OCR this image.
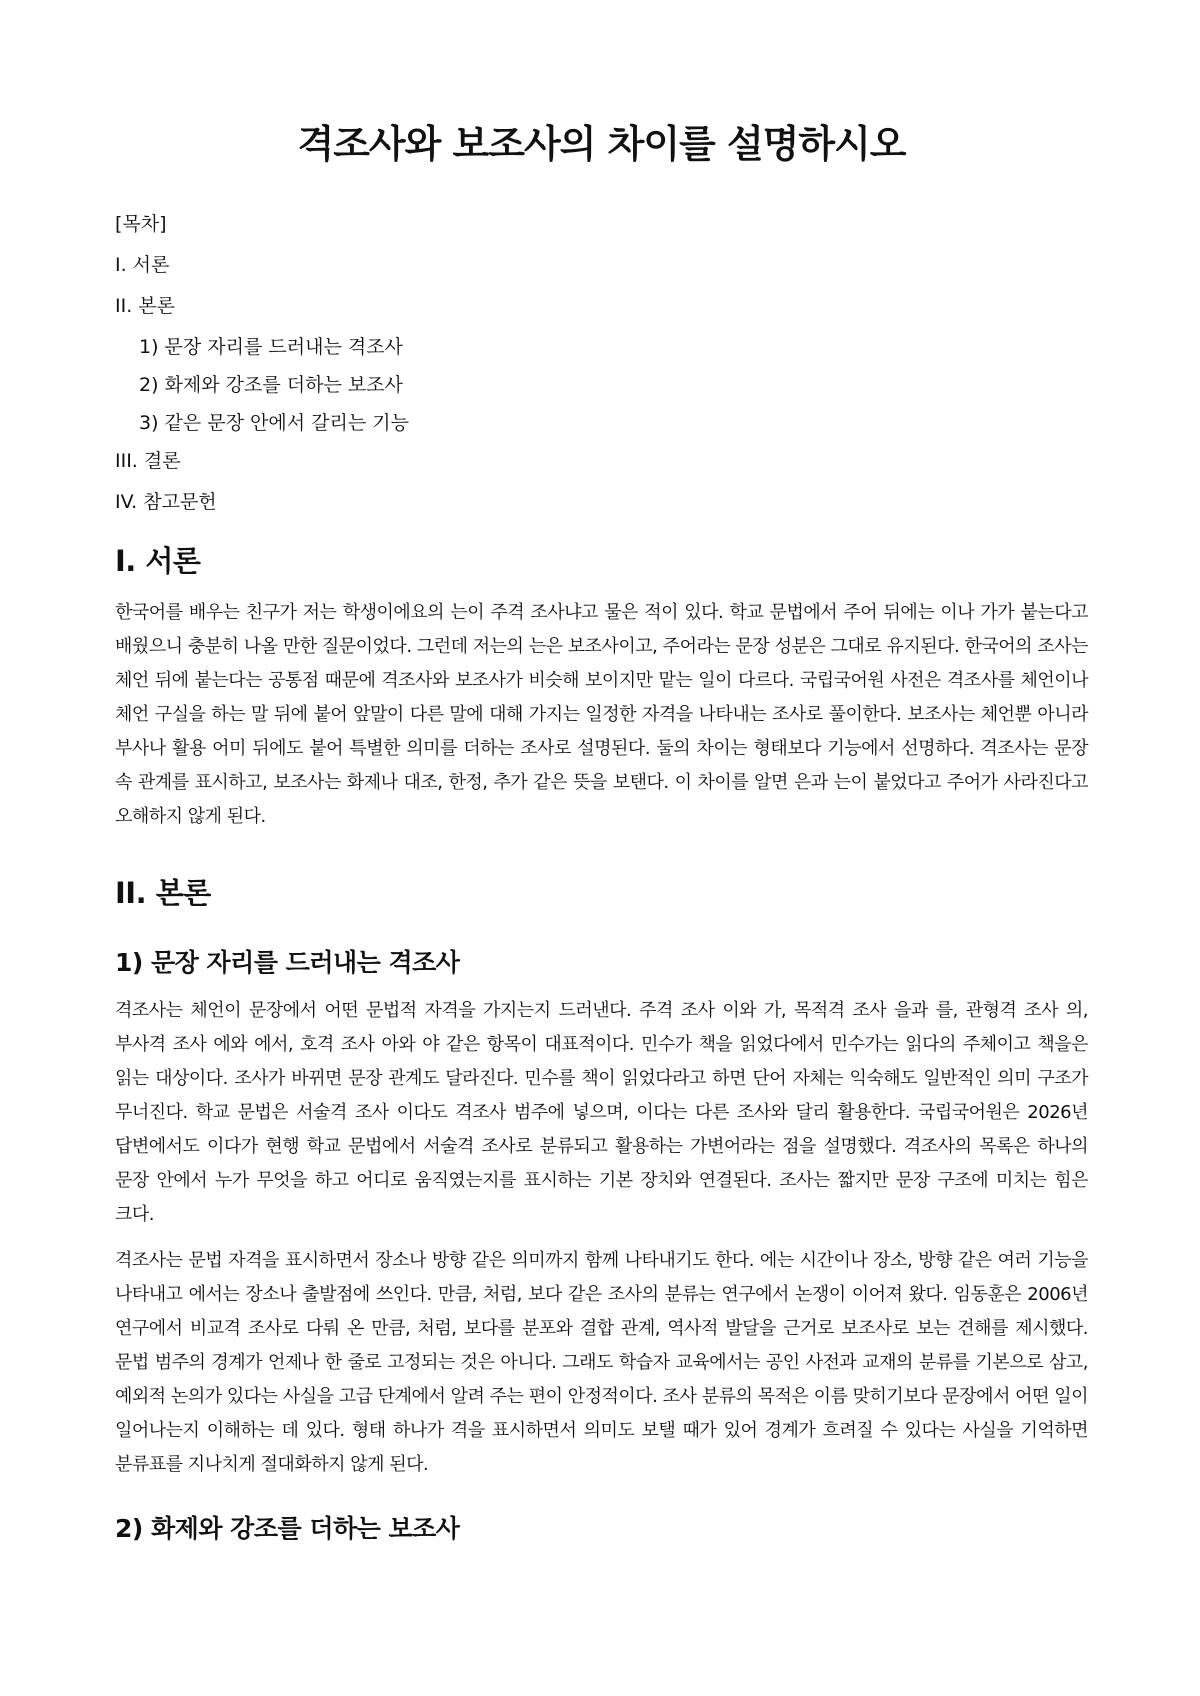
격조사와 보조사의 차이를 설명하시오

[목차]

I. 서론

II. 본론

1) 문장 자리를 드러내는 격조사

2) 화제와 강조를 더하는 보조사

3) 같은 문장 안에서 갈리는 기능

III. 결론

IV. 참고문헌

I. 서론

한국어를 배우는 친구가 저는 학생이에요의 는이 주격 조사냐고 물은 적이 있다. 학교 문법에서 주어 뒤에는 이나 가가 붙는다고 배웠으니 충분히 나올 만한 질문이었다. 그런데 저는의 는은 보조사이고, 주어라는 문장 성분은 그대로 유지된다. 한국어의 조사는 체언 뒤에 붙는다는 공통점 때문에 격조사와 보조사가 비슷해 보이지만 맡는 일이 다르다. 국립국어원 사전은 격조사를 체언이나 체언 구실을 하는 말 뒤에 붙어 앞말이 다른 말에 대해 가지는 일정한 자격을 나타내는 조사로 풀이한다. 보조사는 체언뿐 아니라 부사나 활용 어미 뒤에도 붙어 특별한 의미를 더하는 조사로 설명된다. 둘의 차이는 형태보다 기능에서 선명하다. 격조사는 문장 속 관계를 표시하고, 보조사는 화제나 대조, 한정, 추가 같은 뜻을 보탠다. 이 차이를 알면 은과 는이 붙었다고 주어가 사라진다고 오해하지 않게 된다.

II. 본론
1) 문장 자리를 드러내는 격조사

격조사는 체언이 문장에서 어떤 문법적 자격을 가지는지 드러낸다. 주격 조사 이와 가, 목적격 조사 을과 를, 관형격 조사 의, 부사격 조사 에와 에서, 호격 조사 아와 야 같은 항목이 대표적이다. 민수가 책을 읽었다에서 민수가는 읽다의 주체이고 책을은 읽는 대상이다. 조사가 바뀌면 문장 관계도 달라진다. 민수를 책이 읽었다라고 하면 단어 자체는 익숙해도 일반적인 의미 구조가 무너진다. 학교 문법은 서술격 조사 이다도 격조사 범주에 넣으며, 이다는 다른 조사와 달리 활용한다. 국립국어원은 2026년 답변에서도 이다가 현행 학교 문법에서 서술격 조사로 분류되고 활용하는 가변어라는 점을 설명했다. 격조사의 목록은 하나의 문장 안에서 누가 무엇을 하고 어디로 움직였는지를 표시하는 기본 장치와 연결된다. 조사는 짧지만 문장 구조에 미치는 힘은 크다.

격조사는 문법 자격을 표시하면서 장소나 방향 같은 의미까지 함께 나타내기도 한다. 에는 시간이나 장소, 방향 같은 여러 기능을 나타내고 에서는 장소나 출발점에 쓰인다. 만큼, 처럼, 보다 같은 조사의 분류는 연구에서 논쟁이 이어져 왔다. 임동훈은 2006년 연구에서 비교격 조사로 다뤄 온 만큼, 처럼, 보다를 분포와 결합 관계, 역사적 발달을 근거로 보조사로 보는 견해를 제시했다. 문법 범주의 경계가 언제나 한 줄로 고정되는 것은 아니다. 그래도 학습자 교육에서는 공인 사전과 교재의 분류를 기본으로 삼고, 예외적 논의가 있다는 사실을 고급 단계에서 알려 주는 편이 안정적이다. 조사 분류의 목적은 이름 맞히기보다 문장에서 어떤 일이 일어나는지 이해하는 데 있다. 형태 하나가 격을 표시하면서 의미도 보탤 때가 있어 경계가 흐려질 수 있다는 사실을 기억하면 분류표를 지나치게 절대화하지 않게 된다.

2) 화제와 강조를 더하는 보조사
